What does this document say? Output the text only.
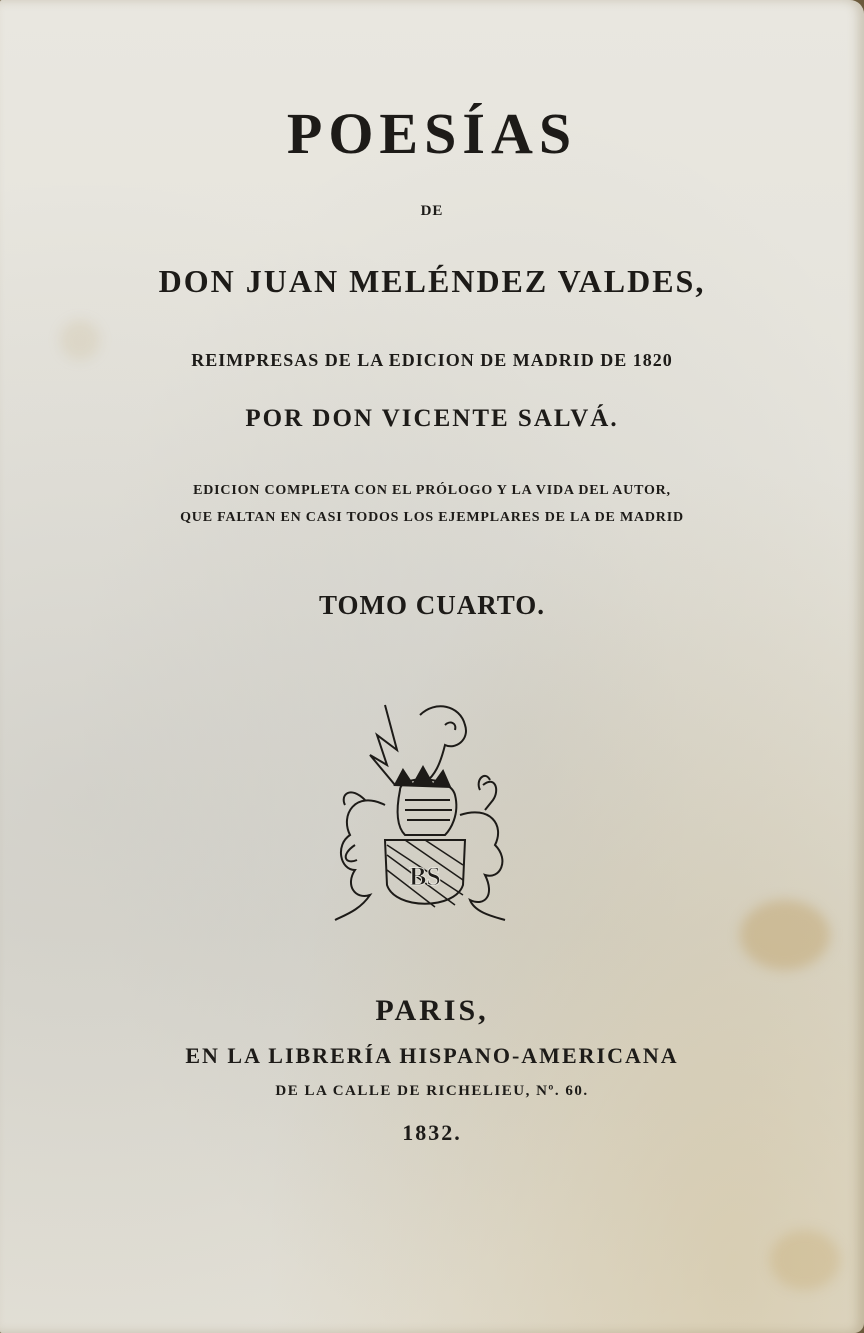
POESÍAS
DE
DON JUAN MELÉNDEZ VALDES,
REIMPRESAS DE LA EDICION DE MADRID DE 1820
POR DON VICENTE SALVÁ.
EDICION COMPLETA CON EL PRÓLOGO Y LA VIDA DEL AUTOR,
QUE FALTAN EN CASI TODOS LOS EJEMPLARES DE LA DE MADRID
TOMO CUARTO.
BS
PARIS,
EN LA LIBRERÍA HISPANO-AMERICANA
DE LA CALLE DE RICHELIEU, Nº. 60.
1832.
